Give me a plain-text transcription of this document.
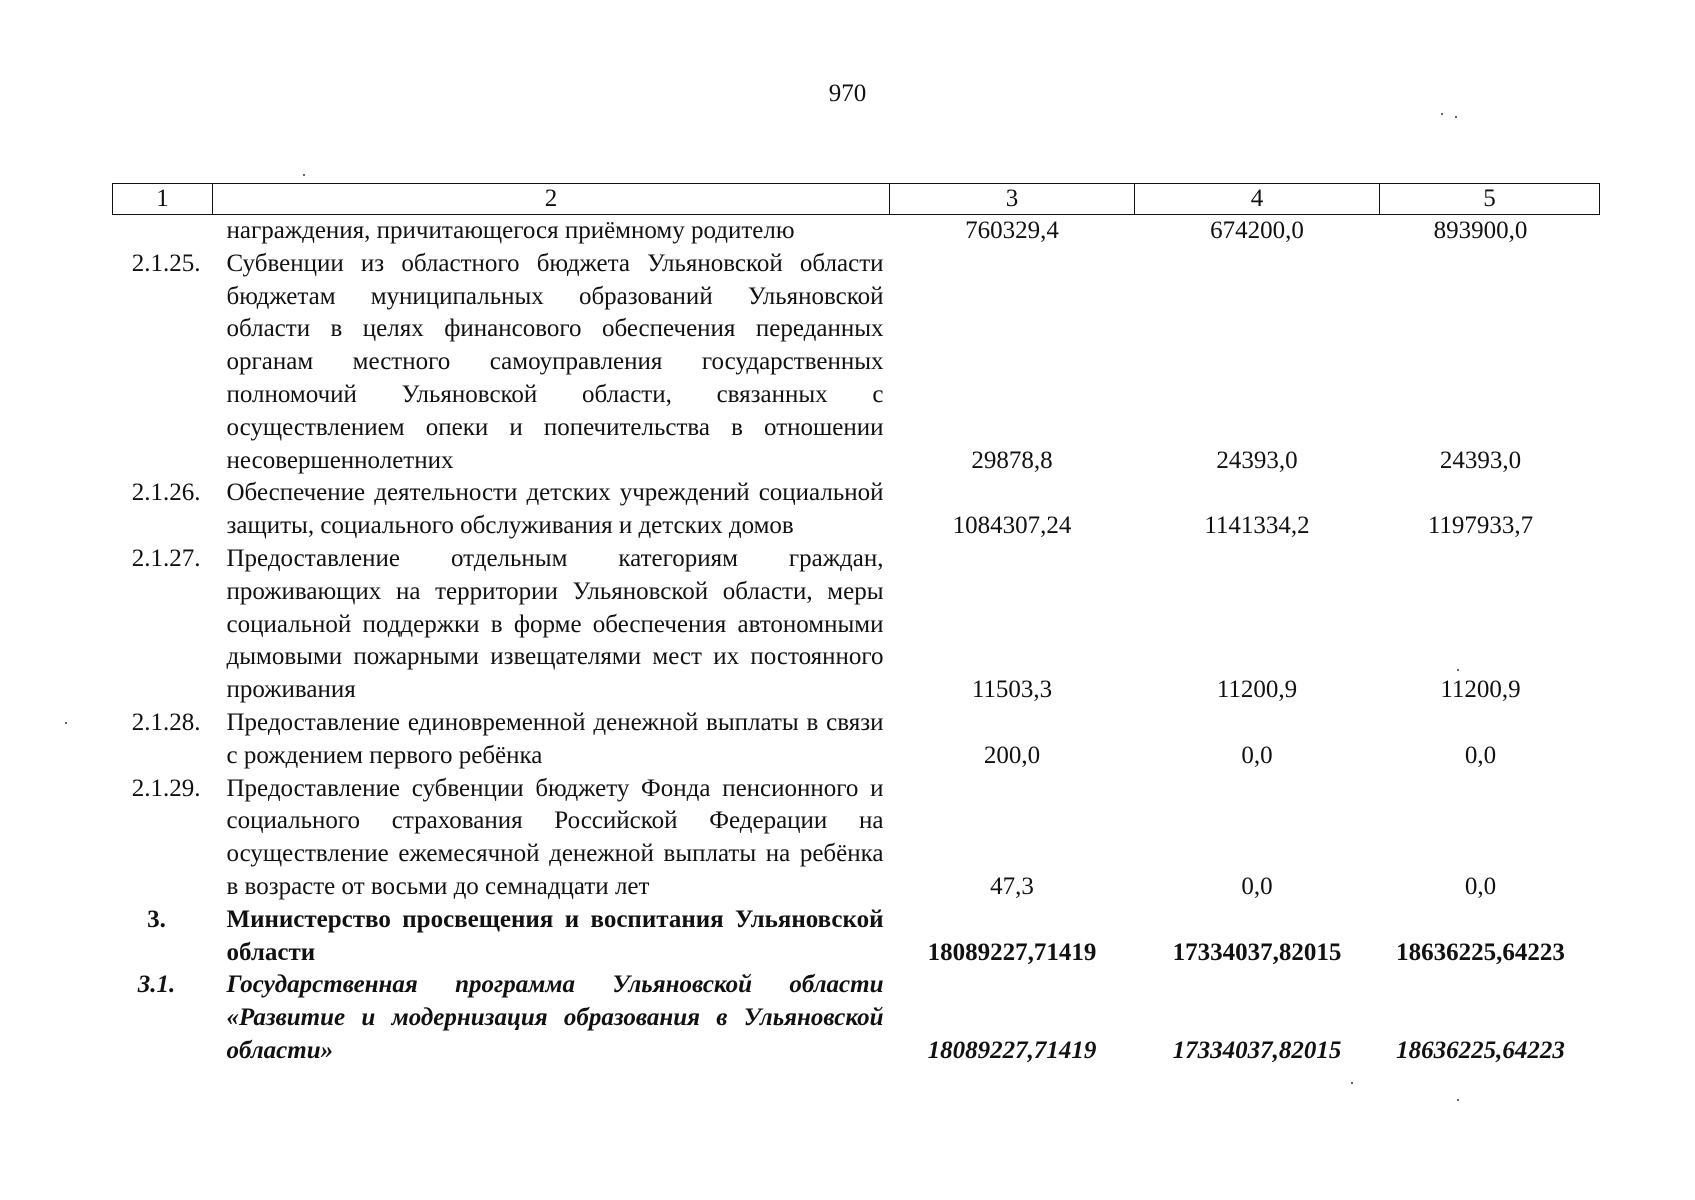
970
1	2	3	4	5
	награждения, причитающегося приёмному родителю	760329,4	674200,0	893900,0
2.1.25.	Субвенции из областного бюджета Ульяновской области бюджетам муниципальных образований Ульяновской области в целях финансового обеспечения переданных органам местного самоуправления государственных полномочий Ульяновской области, связанных с осуществлением опеки и попечительства в отношении несовершеннолетних	29878,8	24393,0	24393,0
2.1.26.	Обеспечение деятельности детских учреждений социальной защиты, социального обслуживания и детских домов	1084307,24	1141334,2	1197933,7
2.1.27.	Предоставление отдельным категориям граждан, проживающих на территории Ульяновской области, меры социальной поддержки в форме обеспечения автономными дымовыми пожарными извещателями мест их постоянного проживания	11503,3	11200,9	11200,9
2.1.28.	Предоставление единовременной денежной выплаты в связи с рождением первого ребёнка	200,0	0,0	0,0
2.1.29.	Предоставление субвенции бюджету Фонда пенсионного и социального страхования Российской Федерации на осуществление ежемесячной денежной выплаты на ребёнка в возрасте от восьми до семнадцати лет	47,3	0,0	0,0
3.	Министерство просвещения и воспитания Ульяновской области	18089227,71419	17334037,82015	18636225,64223
3.1.	Государственная программа Ульяновской области «Развитие и модернизация образования в Ульяновской области»	18089227,71419	17334037,82015	18636225,64223
